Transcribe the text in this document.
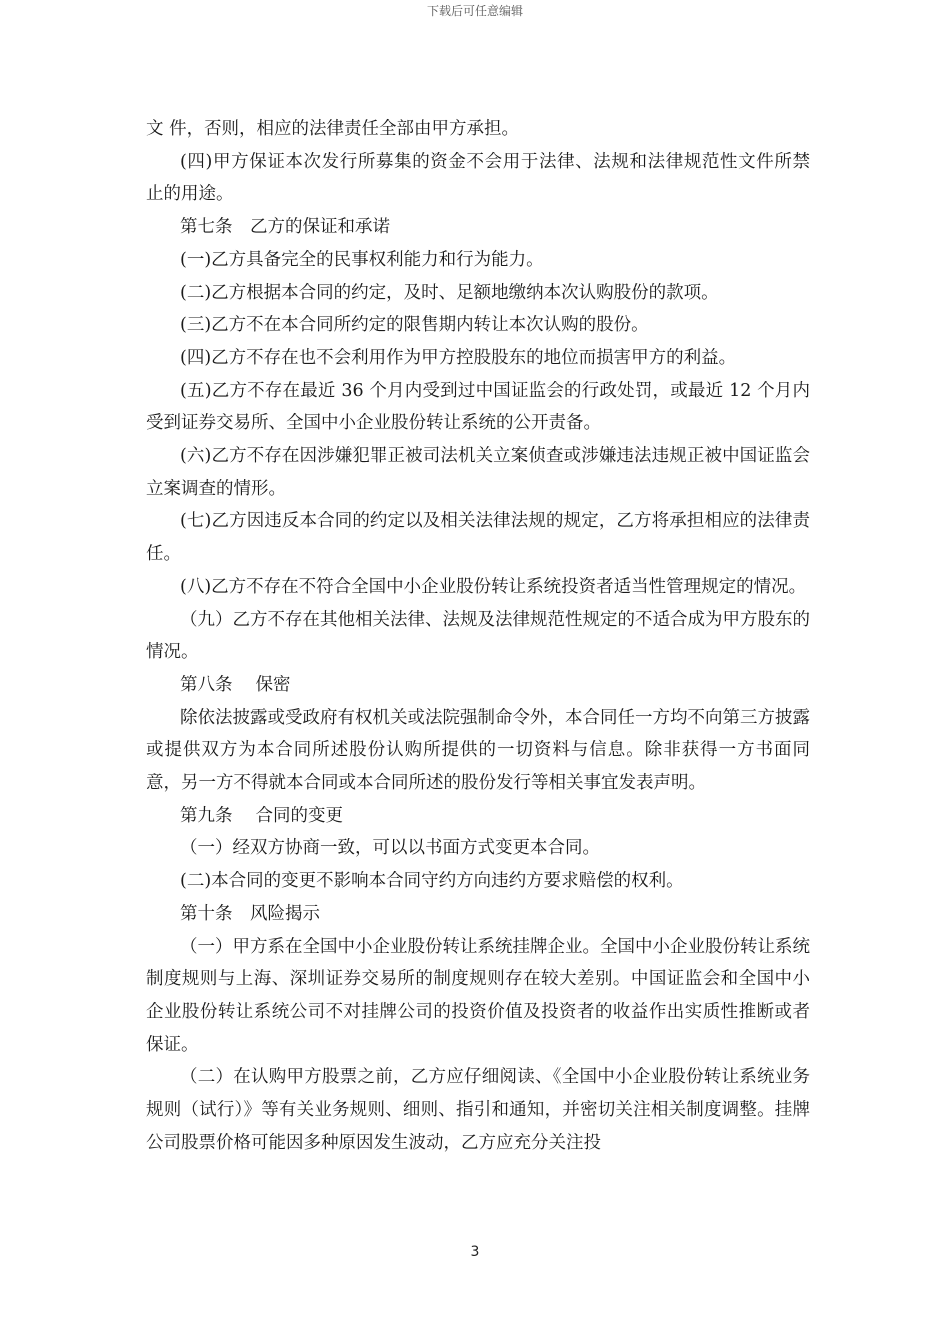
下载后可任意编辑

文 件，否则，相应的法律责任全部由甲方承担。

(四)甲方保证本次发行所募集的资金不会用于法律、法规和法律规范性文件所禁 止的用途。

第七条　乙方的保证和承诺

(一)乙方具备完全的民事权利能力和行为能力。

(二)乙方根据本合同的约定，及时、足额地缴纳本次认购股份的款项。

(三)乙方不在本合同所约定的限售期内转让本次认购的股份。

(四)乙方不存在也不会利用作为甲方控股股东的地位而损害甲方的利益。

(五)乙方不存在最近 36 个月内受到过中国证监会的行政处罚，或最近 12 个月内受到证券交易所、全国中小企业股份转让系统的公开责备。

(六)乙方不存在因涉嫌犯罪正被司法机关立案侦查或涉嫌违法违规正被中国证监会立案调查的情形。

(七)乙方因违反本合同的约定以及相关法律法规的规定，乙方将承担相应的法律责任。

(八)乙方不存在不符合全国中小企业股份转让系统投资者适当性管理规定的情况。

（九）乙方不存在其他相关法律、法规及法律规范性规定的不适合成为甲方股东的情况。

第八条　 保密

除依法披露或受政府有权机关或法院强制命令外，本合同任一方均不向第三方披露或提供双方为本合同所述股份认购所提供的一切资料与信息。除非获得一方书面同意，另一方不得就本合同或本合同所述的股份发行等相关事宜发表声明。

第九条　 合同的变更

（一）经双方协商一致，可以以书面方式变更本合同。

(二)本合同的变更不影响本合同守约方向违约方要求赔偿的权利。

第十条　风险揭示

（一）甲方系在全国中小企业股份转让系统挂牌企业。全国中小企业股份转让系统制度规则与上海、深圳证券交易所的制度规则存在较大差别。中国证监会和全国中小企业股份转让系统公司不对挂牌公司的投资价值及投资者的收益作出实质性推断或者保证。

（二）在认购甲方股票之前，乙方应仔细阅读、《全国中小企业股份转让系统业务规则（试行）》等有关业务规则、细则、指引和通知，并密切关注相关制度调整。挂牌公司股票价格可能因多种原因发生波动，乙方应充分关注投

3
